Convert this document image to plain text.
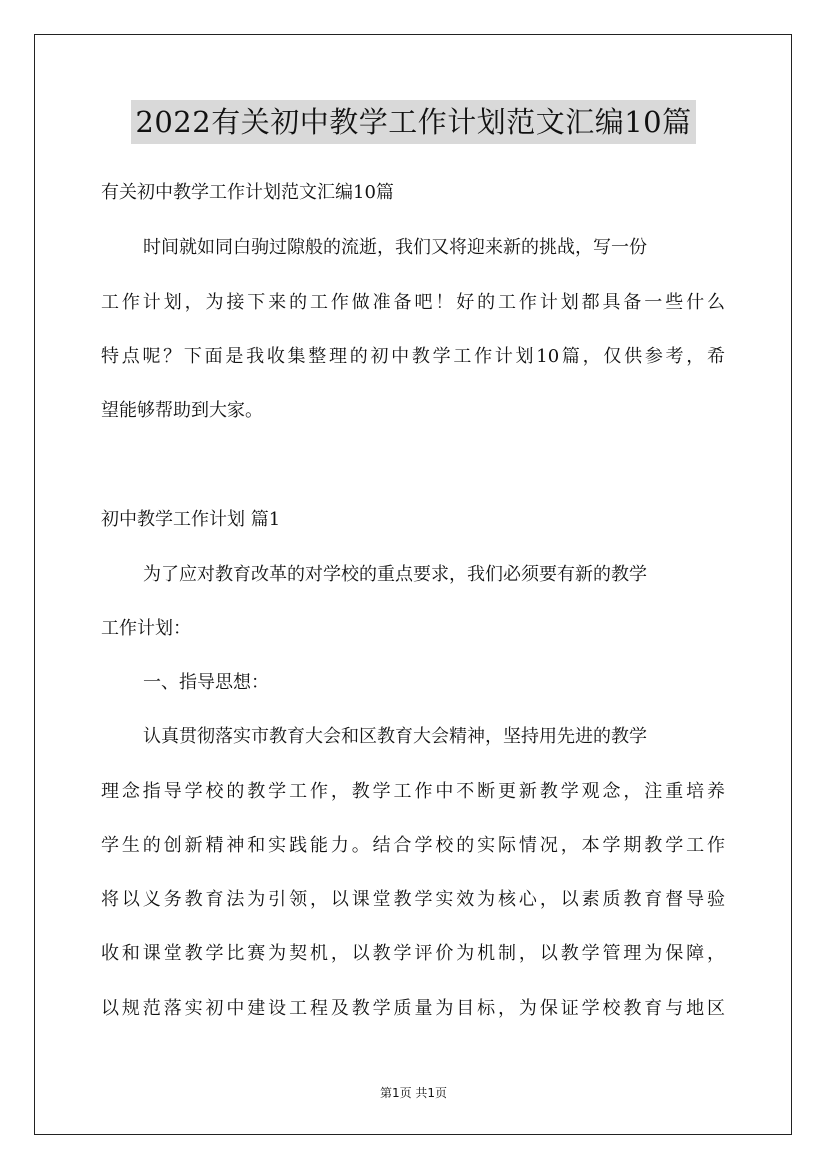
2022有关初中教学工作计划范文汇编10篇
有关初中教学工作计划范文汇编10篇
时间就如同白驹过隙般的流逝，我们又将迎来新的挑战，写一份
工作计划，为接下来的工作做准备吧！好的工作计划都具备一些什么
特点呢？下面是我收集整理的初中教学工作计划10篇，仅供参考，希
望能够帮助到大家。
初中教学工作计划 篇1
为了应对教育改革的对学校的重点要求，我们必须要有新的教学
工作计划：
一、指导思想：
认真贯彻落实市教育大会和区教育大会精神，坚持用先进的教学
理念指导学校的教学工作，教学工作中不断更新教学观念，注重培养
学生的创新精神和实践能力。结合学校的实际情况，本学期教学工作
将以义务教育法为引领，以课堂教学实效为核心，以素质教育督导验
收和课堂教学比赛为契机，以教学评价为机制，以教学管理为保障，
以规范落实初中建设工程及教学质量为目标，为保证学校教育与地区
第1页 共1页
